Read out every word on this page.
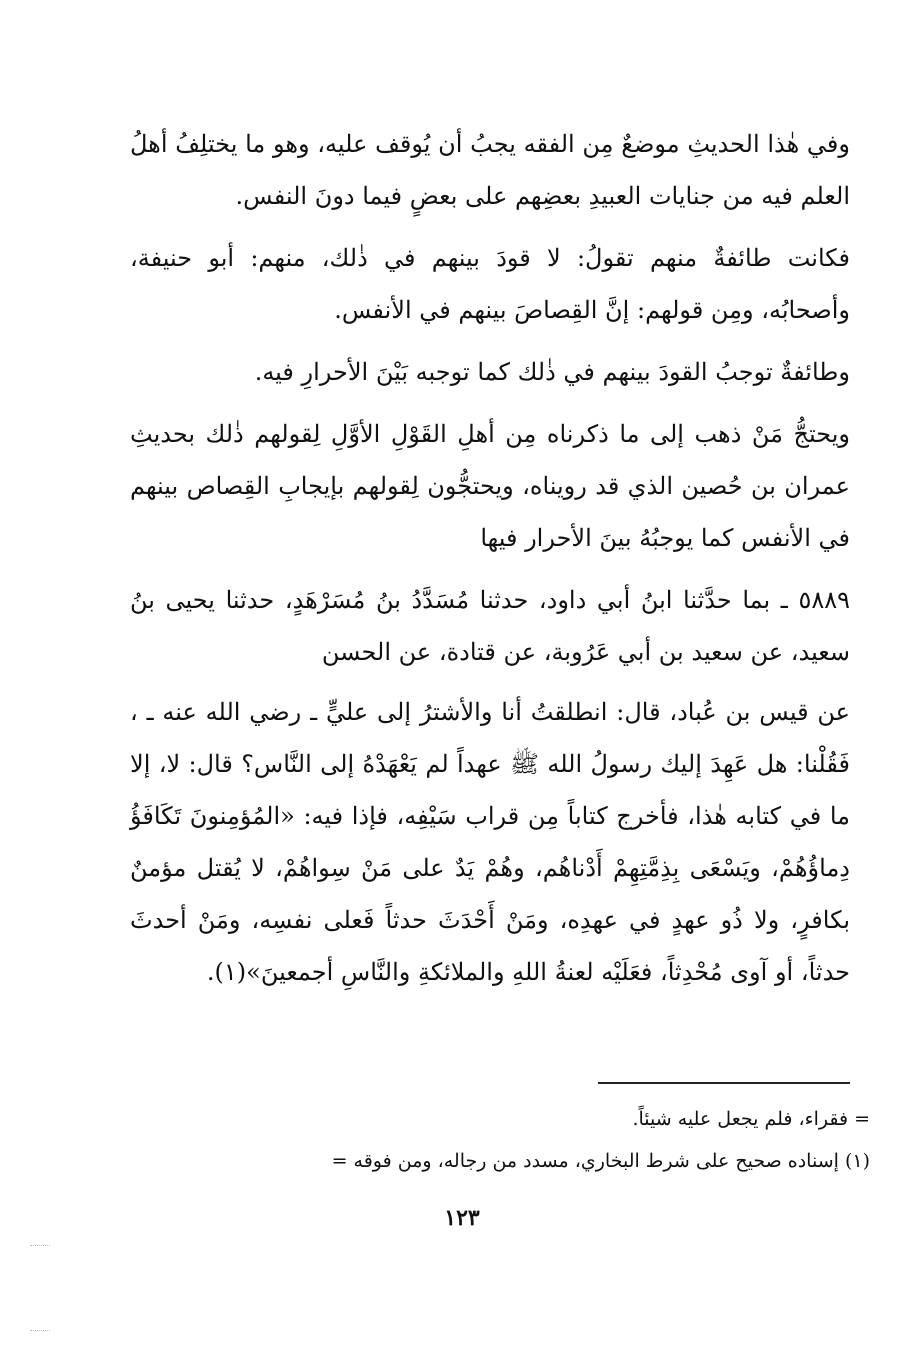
وفي هٰذا الحديثِ موضعٌ مِن الفقه يجبُ أن يُوقف عليه، وهو ما يختلِفُ أهلُ العلم فيه من جنايات العبيدِ بعضِهم على بعضٍ فيما دونَ النفس.

فكانت طائفةٌ منهم تقولُ: لا قودَ بينهم في ذٰلك، منهم: أبو حنيفة، وأصحابُه، ومِن قولهم: إنَّ القِصاصَ بينهم في الأنفس.

وطائفةٌ توجبُ القودَ بينهم في ذٰلك كما توجبه بَيْنَ الأحرارِ فيه.

ويحتجُّ مَنْ ذهب إلى ما ذكرناه مِن أهلِ القَوْلِ الأوَّلِ لِقولهم ذٰلك بحديثِ عمران بن حُصين الذي قد رويناه، ويحتجُّون لِقولهم بإيجابِ القِصاص بينهم في الأنفس كما يوجبُهُ بينَ الأحرار فيها

٥٨٨٩ ـ بما حدَّثنا ابنُ أبي داود، حدثنا مُسَدَّدُ بنُ مُسَرْهَدٍ، حدثنا يحيى بنُ سعيد، عن سعيد بن أبي عَرُوبة، عن قتادة، عن الحسن

عن قيس بن عُباد، قال: انطلقتُ أنا والأشترُ إلى عليٍّ ـ رضي الله عنه ـ ، فَقُلْنا: هل عَهِدَ إليك رسولُ الله ﷺ عهداً لم يَعْهَدْهُ إلى النَّاس؟ قال: لا، إلا ما في كتابه هٰذا، فأخرج كتاباً مِن قراب سَيْفِه، فإذا فيه: «المُؤمِنونَ تَكَافَؤُ دِماؤُهُمْ، ويَسْعَى بِذِمَّتِهِمْ أَدْناهُم، وهُمْ يَدٌ على مَنْ سِواهُمْ، لا يُقتل مؤمنٌ بكافرٍ، ولا ذُو عهدٍ في عهدِه، ومَنْ أَحْدَثَ حدثاً فَعلى نفسِه، ومَنْ أحدثَ حدثاً، أو آوى مُحْدِثاً، فعَلَيْه لعنةُ اللهِ والملائكةِ والنَّاسِ أجمعينَ»(١).

= فقراء، فلم يجعل عليه شيئاً.

(١) إسناده صحيح على شرط البخاري، مسدد من رجاله، ومن فوقه =

١٢٣
